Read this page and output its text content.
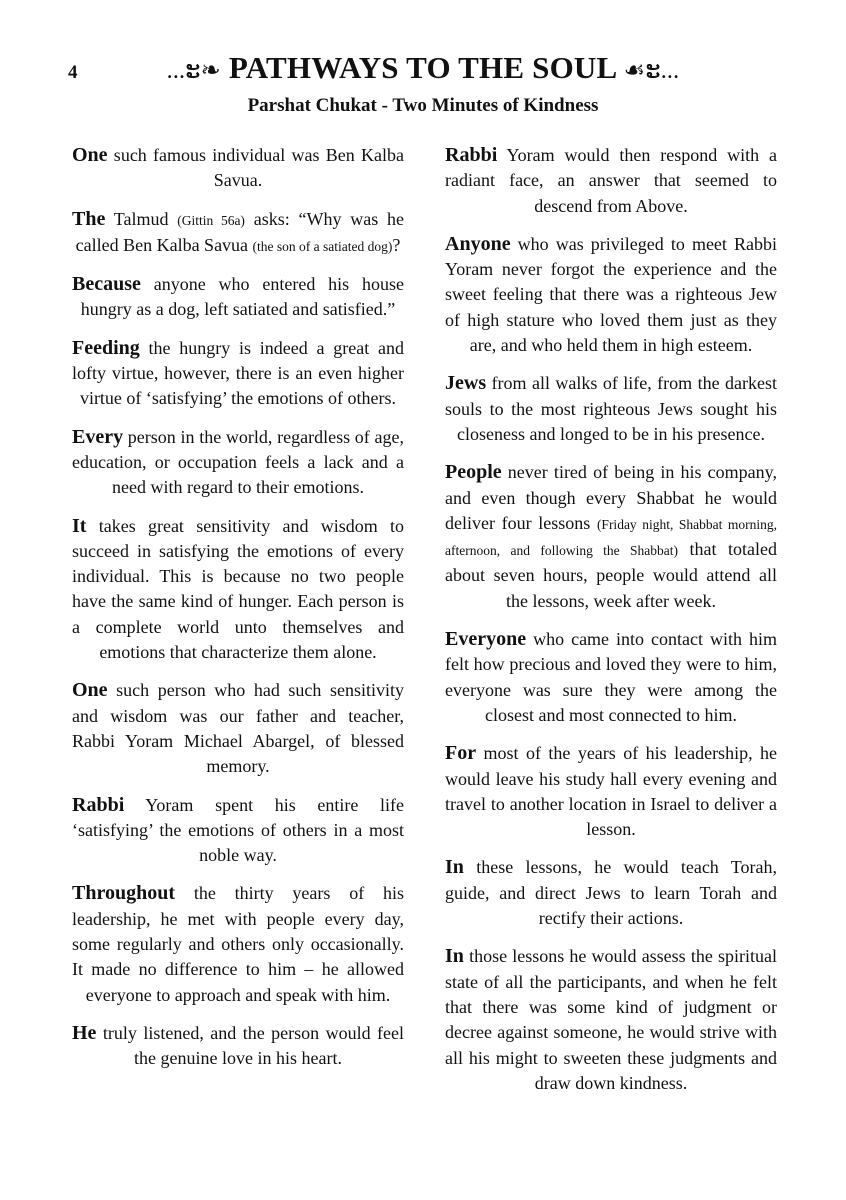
4	...ະ❧ PATHWAYS TO THE SOUL ☙ະ...
Parshat Chukat - Two Minutes of Kindness

One such famous individual was Ben Kalba Savua.

The Talmud (Gittin 56a) asks: “Why was he called Ben Kalba Savua (the son of a satiated dog)?

Because anyone who entered his house hungry as a dog, left satiated and satisfied.”

Feeding the hungry is indeed a great and lofty virtue, however, there is an even higher virtue of ‘satisfying’ the emotions of others.

Every person in the world, regardless of age, education, or occupation feels a lack and a need with regard to their emotions.

It takes great sensitivity and wisdom to succeed in satisfying the emotions of every individual. This is because no two people have the same kind of hunger. Each person is a complete world unto themselves and emotions that characterize them alone.

One such person who had such sensitivity and wisdom was our father and teacher, Rabbi Yoram Michael Abargel, of blessed memory.

Rabbi Yoram spent his entire life ‘satisfying’ the emotions of others in a most noble way.

Throughout the thirty years of his leadership, he met with people every day, some regularly and others only occasionally. It made no difference to him – he allowed everyone to approach and speak with him.

He truly listened, and the person would feel the genuine love in his heart.

Rabbi Yoram would then respond with a radiant face, an answer that seemed to descend from Above.

Anyone who was privileged to meet Rabbi Yoram never forgot the experience and the sweet feeling that there was a righteous Jew of high stature who loved them just as they are, and who held them in high esteem.

Jews from all walks of life, from the darkest souls to the most righteous Jews sought his closeness and longed to be in his presence.

People never tired of being in his company, and even though every Shabbat he would deliver four lessons (Friday night, Shabbat morning, afternoon, and following the Shabbat) that totaled about seven hours, people would attend all the lessons, week after week.

Everyone who came into contact with him felt how precious and loved they were to him, everyone was sure they were among the closest and most connected to him.

For most of the years of his leadership, he would leave his study hall every evening and travel to another location in Israel to deliver a lesson.

In these lessons, he would teach Torah, guide, and direct Jews to learn Torah and rectify their actions.

In those lessons he would assess the spiritual state of all the participants, and when he felt that there was some kind of judgment or decree against someone, he would strive with all his might to sweeten these judgments and draw down kindness.
